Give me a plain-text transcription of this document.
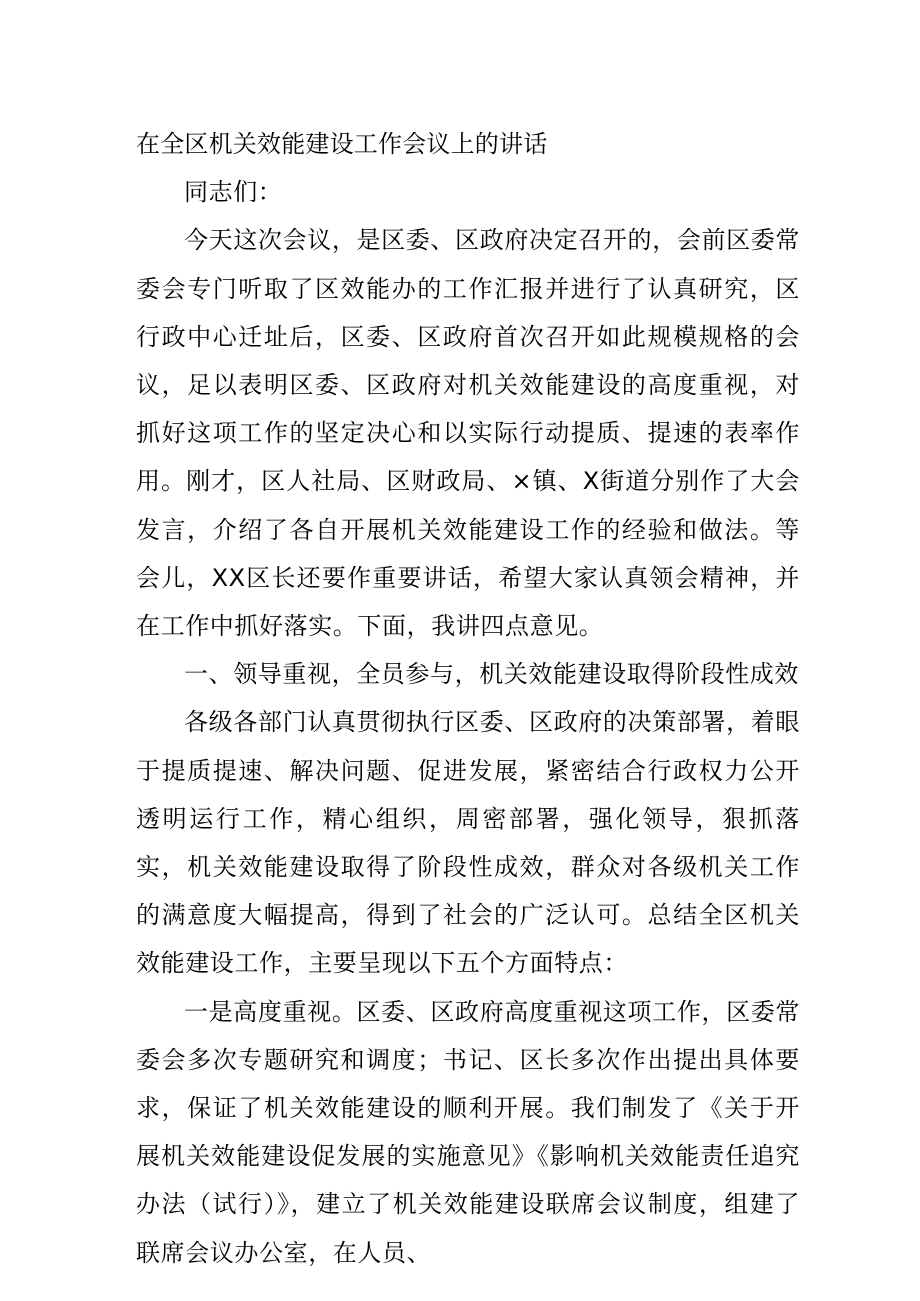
在全区机关效能建设工作会议上的讲话
同志们：
今天这次会议，是区委、区政府决定召开的，会前区委常委会专门听取了区效能办的工作汇报并进行了认真研究，区行政中心迁址后，区委、区政府首次召开如此规模规格的会议，足以表明区委、区政府对机关效能建设的高度重视，对抓好这项工作的坚定决心和以实际行动提质、提速的表率作用。刚才，区人社局、区财政局、×镇、X街道分别作了大会发言，介绍了各自开展机关效能建设工作的经验和做法。等会儿，XX区长还要作重要讲话，希望大家认真领会精神，并在工作中抓好落实。下面，我讲四点意见。
一、领导重视，全员参与，机关效能建设取得阶段性成效
各级各部门认真贯彻执行区委、区政府的决策部署，着眼于提质提速、解决问题、促进发展，紧密结合行政权力公开透明运行工作，精心组织，周密部署，强化领导，狠抓落实，机关效能建设取得了阶段性成效，群众对各级机关工作的满意度大幅提高，得到了社会的广泛认可。总结全区机关效能建设工作，主要呈现以下五个方面特点：
一是高度重视。区委、区政府高度重视这项工作，区委常委会多次专题研究和调度；书记、区长多次作出提出具体要求，保证了机关效能建设的顺利开展。我们制发了《关于开展机关效能建设促发展的实施意见》《影响机关效能责任追究办法（试行）》，建立了机关效能建设联席会议制度，组建了联席会议办公室，在人员、
